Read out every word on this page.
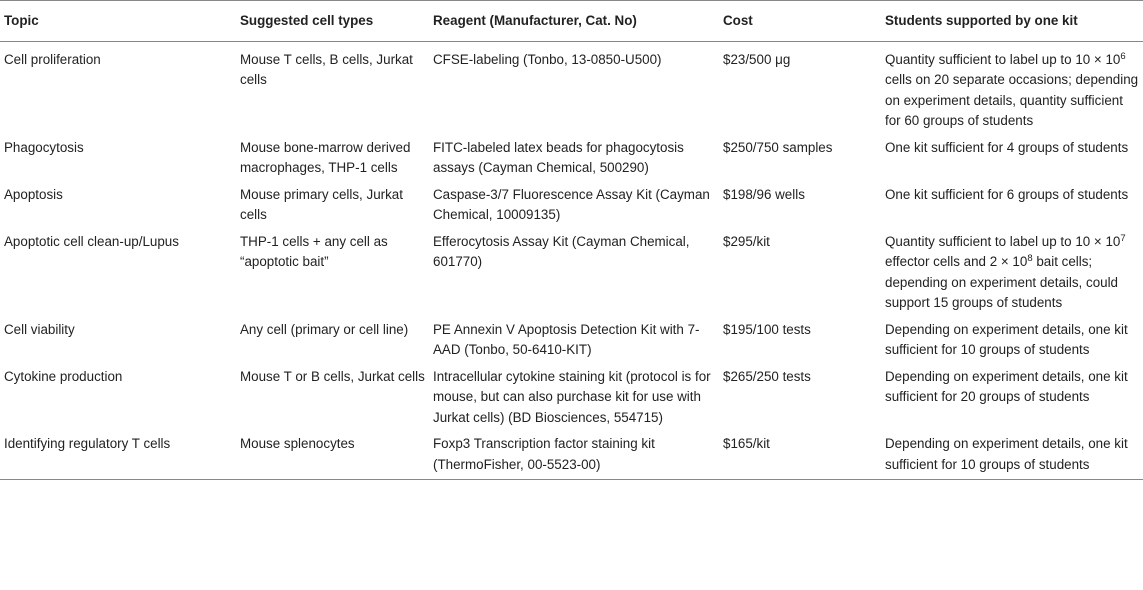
Topic	Suggested cell types	Reagent (Manufacturer, Cat. No)	Cost	Students supported by one kit
Cell proliferation	Mouse T cells, B cells, Jurkat cells	CFSE-labeling (Tonbo, 13-0850-U500)	$23/500 μg	Quantity sufficient to label up to $10 \times 10^6$ cells on 20 separate occasions; depending on experiment details, quantity sufficient for 60 groups of students
Phagocytosis	Mouse bone-marrow derived macrophages, THP-1 cells	FITC-labeled latex beads for phagocytosis assays (Cayman Chemical, 500290)	$250/750 samples	One kit sufficient for 4 groups of students
Apoptosis	Mouse primary cells, Jurkat cells	Caspase-3/7 Fluorescence Assay Kit (Cayman Chemical, 10009135)	$198/96 wells	One kit sufficient for 6 groups of students
Apoptotic cell clean-up/Lupus	THP-1 cells + any cell as “apoptotic bait”	Efferocytosis Assay Kit (Cayman Chemical, 601770)	$295/kit	Quantity sufficient to label up to $10 \times 10^7$ effector cells and $2 \times 10^8$ bait cells; depending on experiment details, could support 15 groups of students
Cell viability	Any cell (primary or cell line)	PE Annexin V Apoptosis Detection Kit with 7-AAD (Tonbo, 50-6410-KIT)	$195/100 tests	Depending on experiment details, one kit sufficient for 10 groups of students
Cytokine production	Mouse T or B cells, Jurkat cells	Intracellular cytokine staining kit (protocol is for mouse, but can also purchase kit for use with Jurkat cells) (BD Biosciences, 554715)	$265/250 tests	Depending on experiment details, one kit sufficient for 20 groups of students
Identifying regulatory T cells	Mouse splenocytes	Foxp3 Transcription factor staining kit (ThermoFisher, 00-5523-00)	$165/kit	Depending on experiment details, one kit sufficient for 10 groups of students
